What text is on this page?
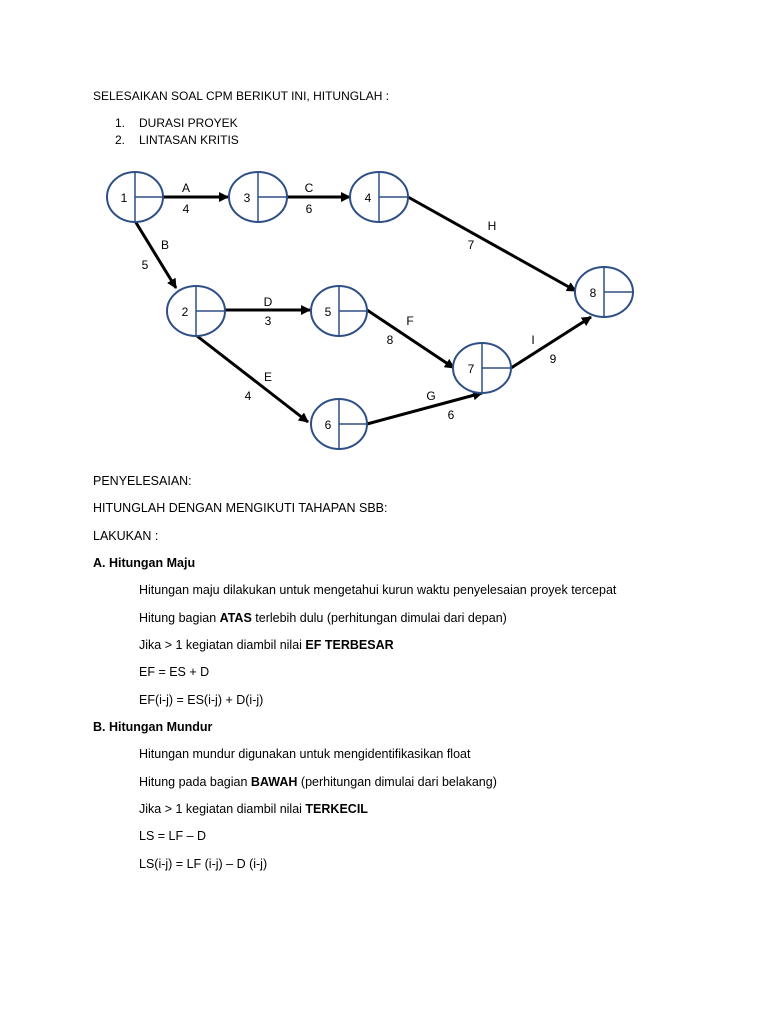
SELESAIKAN SOAL CPM BERIKUT INI, HITUNGLAH :
1. DURASI PROYEK
2. LINTASAN KRITIS
1	3	4
2	5
6
7
8
A
4
B
5
C
6
D
3
E
4
F
8
G
6
H
7
I
9
PENYELESAIAN:
HITUNGLAH DENGAN MENGIKUTI TAHAPAN SBB:
LAKUKAN :
A. Hitungan Maju
Hitungan maju dilakukan untuk mengetahui kurun waktu penyelesaian proyek tercepat
Hitung bagian ATAS terlebih dulu (perhitungan dimulai dari depan)
Jika > 1 kegiatan diambil nilai EF TERBESAR
EF = ES + D
EF(i-j) = ES(i-j) + D(i-j)
B. Hitungan Mundur
Hitungan mundur digunakan untuk mengidentifikasikan float
Hitung pada bagian BAWAH (perhitungan dimulai dari belakang)
Jika > 1 kegiatan diambil nilai TERKECIL
LS = LF – D
LS(i-j) = LF (i-j) – D (i-j)
